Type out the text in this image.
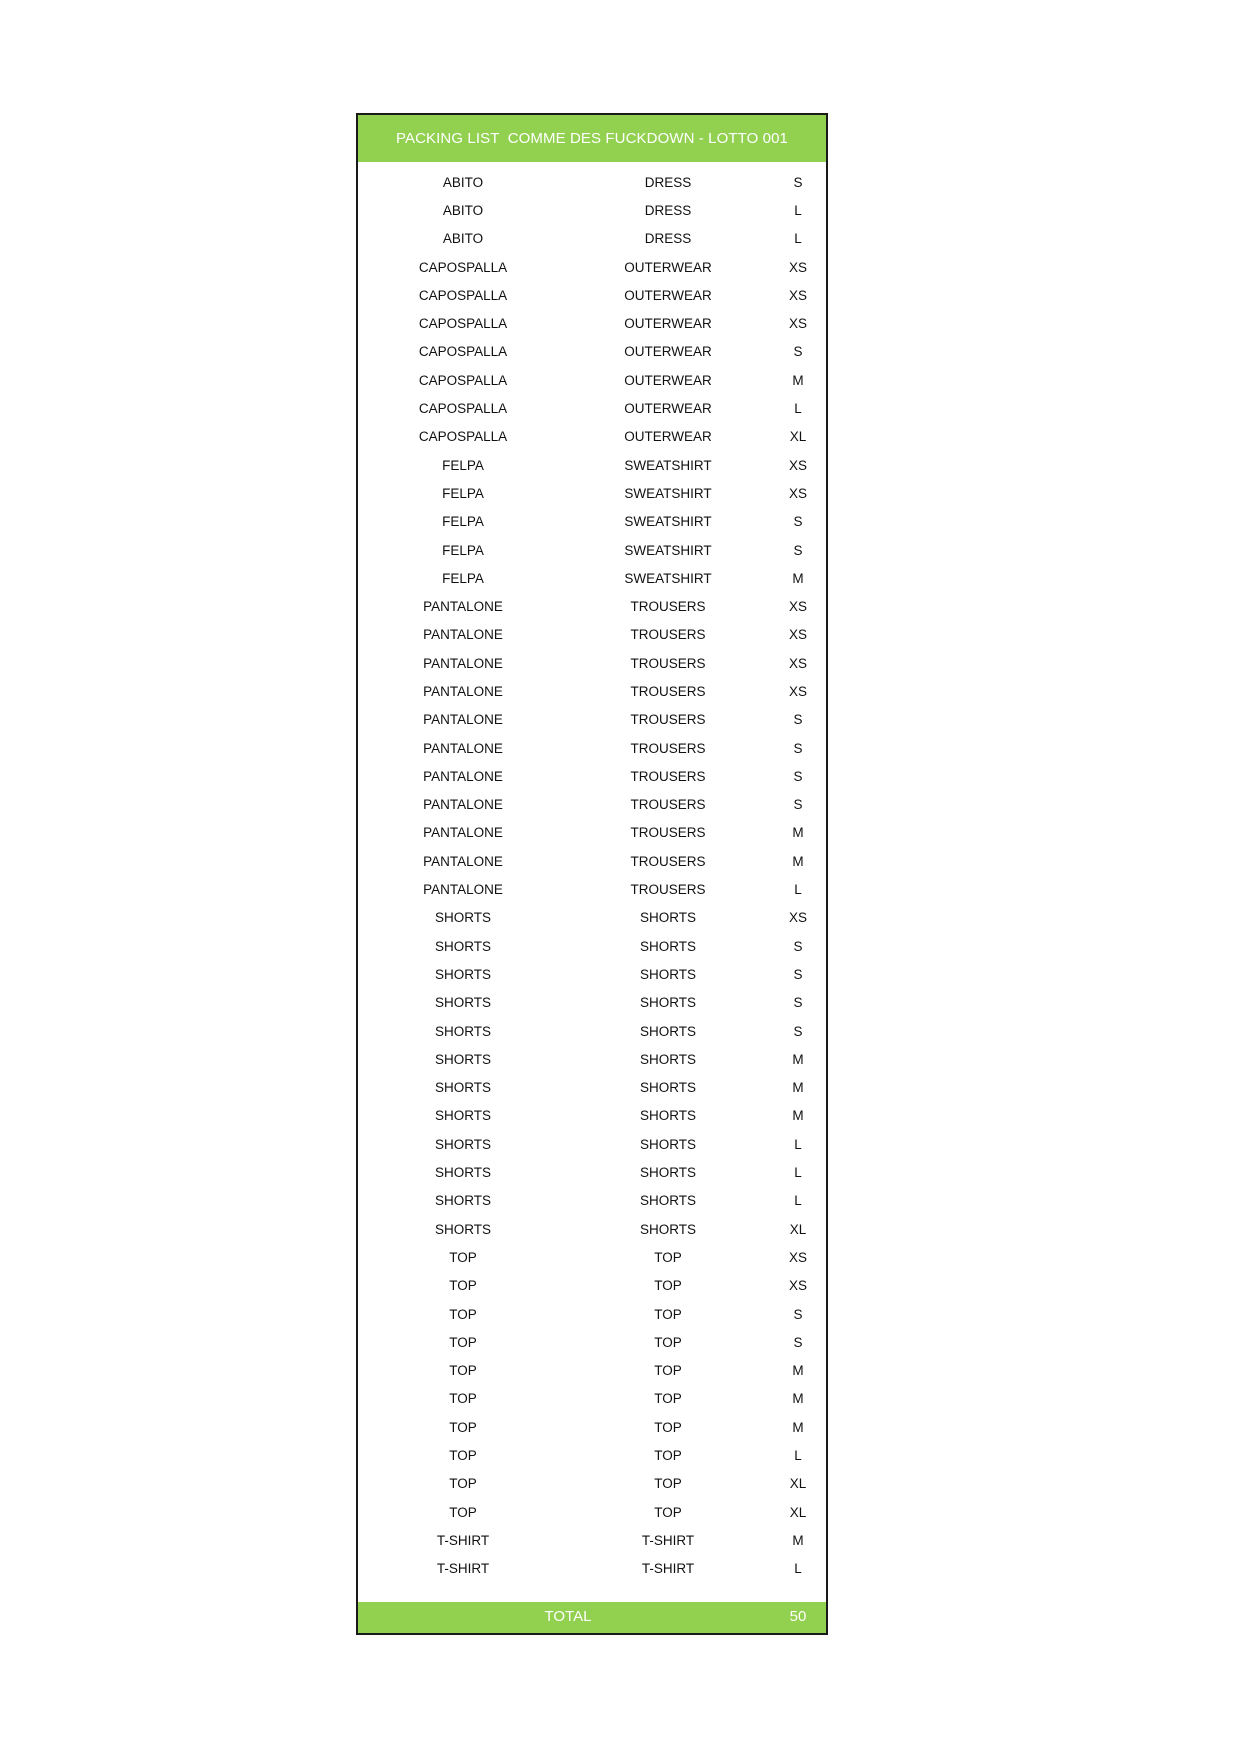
PACKING LIST  COMME DES FUCKDOWN - LOTTO 001
ABITO	DRESS	S
ABITO	DRESS	L
ABITO	DRESS	L
CAPOSPALLA	OUTERWEAR	XS
CAPOSPALLA	OUTERWEAR	XS
CAPOSPALLA	OUTERWEAR	XS
CAPOSPALLA	OUTERWEAR	S
CAPOSPALLA	OUTERWEAR	M
CAPOSPALLA	OUTERWEAR	L
CAPOSPALLA	OUTERWEAR	XL
FELPA	SWEATSHIRT	XS
FELPA	SWEATSHIRT	XS
FELPA	SWEATSHIRT	S
FELPA	SWEATSHIRT	S
FELPA	SWEATSHIRT	M
PANTALONE	TROUSERS	XS
PANTALONE	TROUSERS	XS
PANTALONE	TROUSERS	XS
PANTALONE	TROUSERS	XS
PANTALONE	TROUSERS	S
PANTALONE	TROUSERS	S
PANTALONE	TROUSERS	S
PANTALONE	TROUSERS	S
PANTALONE	TROUSERS	M
PANTALONE	TROUSERS	M
PANTALONE	TROUSERS	L
SHORTS	SHORTS	XS
SHORTS	SHORTS	S
SHORTS	SHORTS	S
SHORTS	SHORTS	S
SHORTS	SHORTS	S
SHORTS	SHORTS	M
SHORTS	SHORTS	M
SHORTS	SHORTS	M
SHORTS	SHORTS	L
SHORTS	SHORTS	L
SHORTS	SHORTS	L
SHORTS	SHORTS	XL
TOP	TOP	XS
TOP	TOP	XS
TOP	TOP	S
TOP	TOP	S
TOP	TOP	M
TOP	TOP	M
TOP	TOP	M
TOP	TOP	L
TOP	TOP	XL
TOP	TOP	XL
T-SHIRT	T-SHIRT	M
T-SHIRT	T-SHIRT	L
TOTAL	50
